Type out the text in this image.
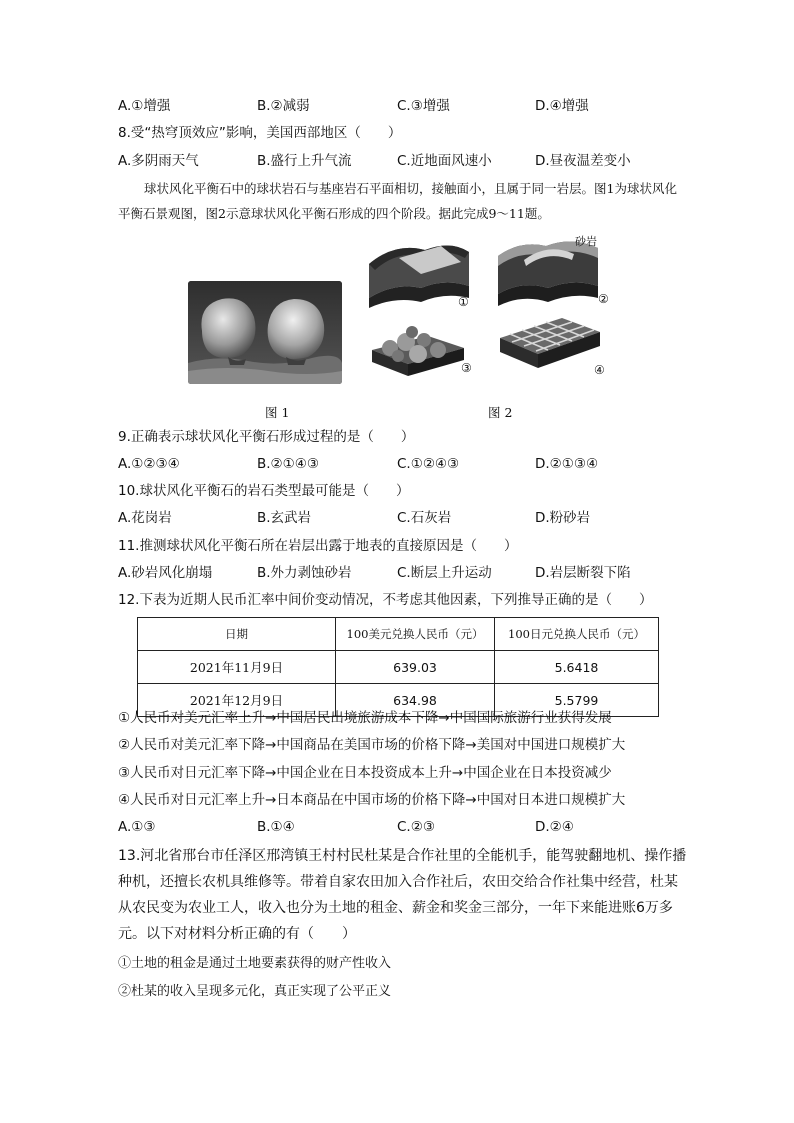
A.①增强	B.②减弱	C.③增强	D.④增强
8.受“热穹顶效应”影响，美国西部地区（　　）
A.多阴雨天气	B.盛行上升气流	C.近地面风速小	D.昼夜温差变小
球状风化平衡石中的球状岩石与基座岩石平面相切，接触面小，且属于同一岩层。图1为球状风化平衡石景观图，图2示意球状风化平衡石形成的四个阶段。据此完成9～11题。
图 1
①
砂岩
②
③	④
图 2
9.正确表示球状风化平衡石形成过程的是（　　）
A.①②③④	B.②①④③	C.①②④③	D.②①③④
10.球状风化平衡石的岩石类型最可能是（　　）
A.花岗岩	B.玄武岩	C.石灰岩	D.粉砂岩
11.推测球状风化平衡石所在岩层出露于地表的直接原因是（　　）
A.砂岩风化崩塌	B.外力剥蚀砂岩	C.断层上升运动	D.岩层断裂下陷
12.下表为近期人民币汇率中间价变动情况，不考虑其他因素，下列推导正确的是（　　）
日期	100美元兑换人民币（元）	100日元兑换人民币（元）
2021年11月9日	639.03	5.6418
2021年12月9日	634.98	5.5799
①人民币对美元汇率上升→中国居民出境旅游成本下降→中国国际旅游行业获得发展
②人民币对美元汇率下降→中国商品在美国市场的价格下降→美国对中国进口规模扩大
③人民币对日元汇率下降→中国企业在日本投资成本上升→中国企业在日本投资减少
④人民币对日元汇率上升→日本商品在中国市场的价格下降→中国对日本进口规模扩大
A.①③	B.①④	C.②③	D.②④
13.河北省邢台市任泽区邢湾镇王村村民杜某是合作社里的全能机手，能驾驶翻地机、操作播种机，还擅长农机具维修等。带着自家农田加入合作社后，农田交给合作社集中经营，杜某从农民变为农业工人，收入也分为土地的租金、薪金和奖金三部分，一年下来能进账6万多元。以下对材料分析正确的有（　　）
①土地的租金是通过土地要素获得的财产性收入
②杜某的收入呈现多元化，真正实现了公平正义
